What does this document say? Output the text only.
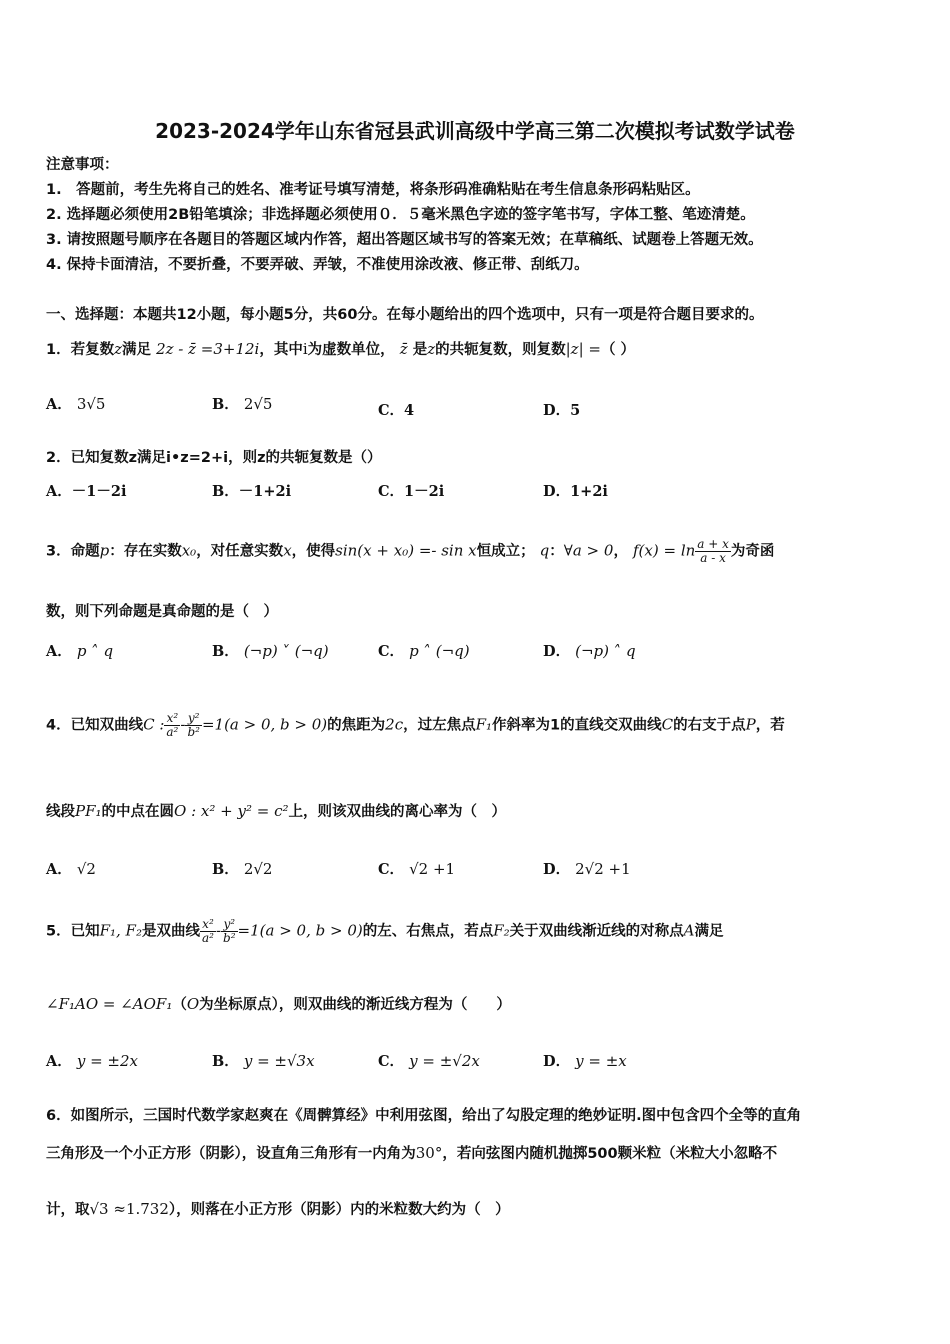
2023-2024学年山东省冠县武训高级中学高三第二次模拟考试数学试卷
注意事项：
1.　答题前，考生先将自己的姓名、准考证号填写清楚，将条形码准确粘贴在考生信息条形码粘贴区。
2. 选择题必须使用2B铅笔填涂；非选择题必须使用０．５毫米黑色字迹的签字笔书写，字体工整、笔迹清楚。
3. 请按照题号顺序在各题目的答题区域内作答，超出答题区域书写的答案无效；在草稿纸、试题卷上答题无效。
4. 保持卡面清洁，不要折叠，不要弄破、弄皱，不准使用涂改液、修正带、刮纸刀。
一、选择题：本题共12小题，每小题5分，共60分。在每小题给出的四个选项中，只有一项是符合题目要求的。
1．若复数z满足 2z - z̄ =3+12i，其中i为虚数单位， z̄ 是z的共轭复数，则复数|z| =（ ）
A． 3√5	B． 2√5	C．4	D．5
2．已知复数z满足i•z=2+i，则z的共轭复数是（）
A．－1－2i	B．－1+2i	C．1－2i	D．1+2i
3．命题p：存在实数x₀，对任意实数x，使得sin(x + x₀) =- sin x恒成立； q：∀a > 0， $f(x) = \ln \frac{a + x}{a - x}$ 为奇函
数，则下列命题是真命题的是（　）
A． p ˄ q	B． (¬p) ˅ (¬q)	C． p ˄ (¬q)	D． (¬p) ˄ q
4．已知双曲线C : $\frac{\text{x²}}{\text{a²}} - \frac{\text{y²}}{\text{b²}} =1(a > 0$, b > 0)的焦距为2c，过左焦点F₁作斜率为1的直线交双曲线C的右支于点P，若
线段PF₁的中点在圆O : x² + y² = c²上，则该双曲线的离心率为（　）
A． √2	B． 2√2	C． √2 +1	D． 2√2 +1
5．已知F₁, F₂是双曲线 $\frac{\text{x²}}{\text{a²}} - \frac{\text{y²}}{\text{b²}} =1(a > 0$, b > 0)的左、右焦点，若点F₂关于双曲线渐近线的对称点A满足
∠F₁AO = ∠AOF₁（O为坐标原点），则双曲线的渐近线方程为（　　）
A． y = ±2x	B． y = ±√3x	C． y = ±√2x	D． y = ±x
6．如图所示，三国时代数学家赵爽在《周髀算经》中利用弦图，给出了勾股定理的绝妙证明.图中包含四个全等的直角
三角形及一个小正方形（阴影），设直角三角形有一内角为30°，若向弦图内随机抛掷500颗米粒（米粒大小忽略不
计，取√3 ≈1.732），则落在小正方形（阴影）内的米粒数大约为（　）
